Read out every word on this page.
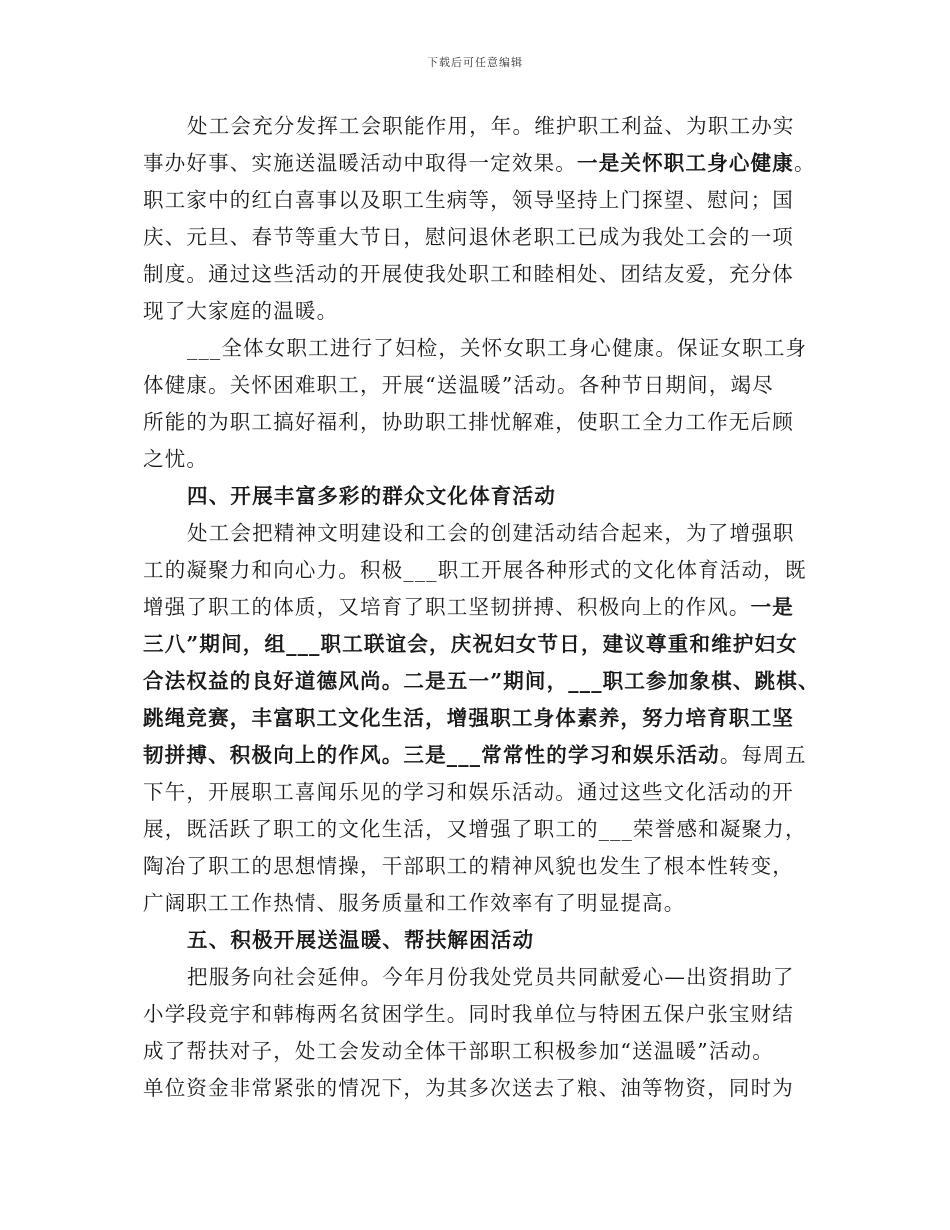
下载后可任意编辑
处工会充分发挥工会职能作用，年。维护职工利益、为职工办实
事办好事、实施送温暖活动中取得一定效果。一是关怀职工身心健康。
职工家中的红白喜事以及职工生病等，领导坚持上门探望、慰问；国
庆、元旦、春节等重大节日，慰问退休老职工已成为我处工会的一项
制度。通过这些活动的开展使我处职工和睦相处、团结友爱，充分体
现了大家庭的温暖。
___全体女职工进行了妇检，关怀女职工身心健康。保证女职工身
体健康。关怀困难职工，开展“送温暖”活动。各种节日期间，竭尽
所能的为职工搞好福利，协助职工排忧解难，使职工全力工作无后顾
之忧。
四、开展丰富多彩的群众文化体育活动
处工会把精神文明建设和工会的创建活动结合起来，为了增强职
工的凝聚力和向心力。积极___职工开展各种形式的文化体育活动，既
增强了职工的体质，又培育了职工坚韧拼搏、积极向上的作风。一是
三八”期间，组___职工联谊会，庆祝妇女节日，建议尊重和维护妇女
合法权益的良好道德风尚。二是五一”期间，___职工参加象棋、跳棋、
跳绳竞赛，丰富职工文化生活，增强职工身体素养，努力培育职工坚
韧拼搏、积极向上的作风。三是___常常性的学习和娱乐活动。每周五
下午，开展职工喜闻乐见的学习和娱乐活动。通过这些文化活动的开
展，既活跃了职工的文化生活，又增强了职工的___荣誉感和凝聚力，
陶冶了职工的思想情操，干部职工的精神风貌也发生了根本性转变，
广阔职工工作热情、服务质量和工作效率有了明显提高。
五、积极开展送温暖、帮扶解困活动
把服务向社会延伸。今年月份我处党员共同献爱心—出资捐助了
小学段竞宇和韩梅两名贫困学生。同时我单位与特困五保户张宝财结
成了帮扶对子，处工会发动全体干部职工积极参加“送温暖”活动。
单位资金非常紧张的情况下，为其多次送去了粮、油等物资，同时为
